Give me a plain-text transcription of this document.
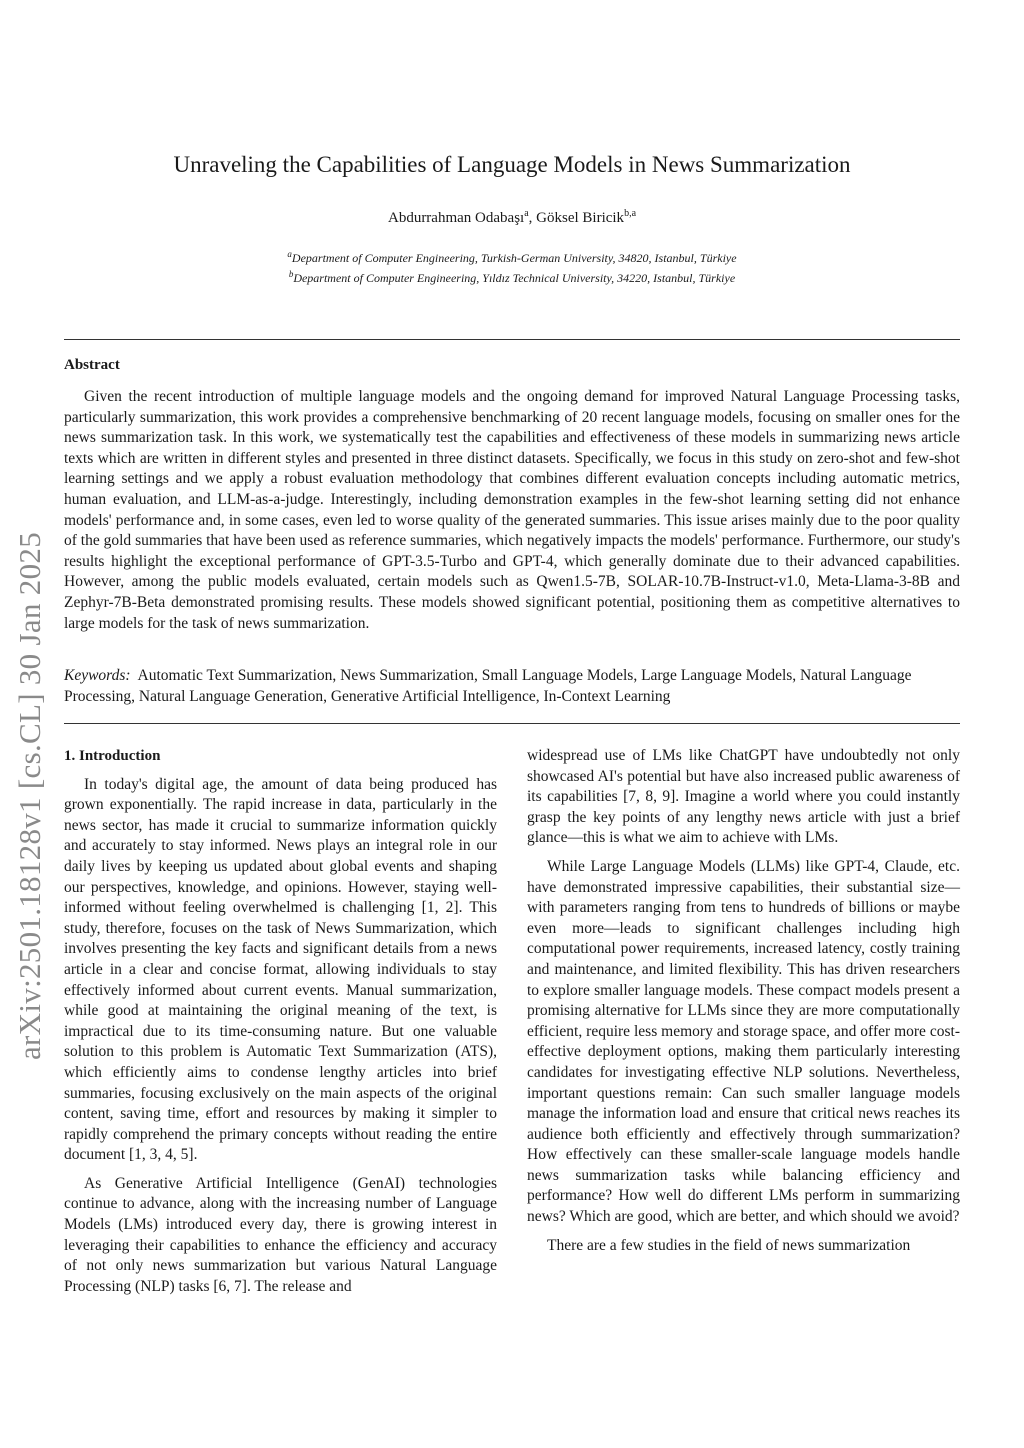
arXiv:2501.18128v1 [cs.CL] 30 Jan 2025
Unraveling the Capabilities of Language Models in News Summarization
Abdurrahman Odabaşı$^a$, Göksel Biricik$^{b,a}$
$^a$Department of Computer Engineering, Turkish-German University, 34820, Istanbul, Türkiye
$^b$Department of Computer Engineering, Yıldız Technical University, 34220, Istanbul, Türkiye
Abstract

Given the recent introduction of multiple language models and the ongoing demand for improved Natural Language Processing tasks, particularly summarization, this work provides a comprehensive benchmarking of 20 recent language models, focusing on smaller ones for the news summarization task. In this work, we systematically test the capabilities and effectiveness of these models in summarizing news article texts which are written in different styles and presented in three distinct datasets. Specifically, we focus in this study on zero-shot and few-shot learning settings and we apply a robust evaluation methodology that combines different evaluation concepts including automatic metrics, human evaluation, and LLM-as-a-judge. Interestingly, including demonstration examples in the few-shot learning setting did not enhance models' performance and, in some cases, even led to worse quality of the generated summaries. This issue arises mainly due to the poor quality of the gold summaries that have been used as reference summaries, which negatively impacts the models' performance. Furthermore, our study's results highlight the exceptional performance of GPT-3.5-Turbo and GPT-4, which generally dominate due to their advanced capabilities. However, among the public models evaluated, certain models such as Qwen1.5-7B, SOLAR-10.7B-Instruct-v1.0, Meta-Llama-3-8B and Zephyr-7B-Beta demonstrated promising results. These models showed significant potential, positioning them as competitive alternatives to large models for the task of news summarization.

Keywords: Automatic Text Summarization, News Summarization, Small Language Models, Large Language Models, Natural Language Processing, Natural Language Generation, Generative Artificial Intelligence, In-Context Learning

1. Introduction

In today's digital age, the amount of data being produced has grown exponentially. The rapid increase in data, particularly in the news sector, has made it crucial to summarize information quickly and accurately to stay informed. News plays an integral role in our daily lives by keeping us updated about global events and shaping our perspectives, knowledge, and opinions. However, staying well-informed without feeling overwhelmed is challenging [1, 2]. This study, therefore, focuses on the task of News Summarization, which involves presenting the key facts and significant details from a news article in a clear and concise format, allowing individuals to stay effectively informed about current events. Manual summarization, while good at maintaining the original meaning of the text, is impractical due to its time-consuming nature. But one valuable solution to this problem is Automatic Text Summarization (ATS), which efficiently aims to condense lengthy articles into brief summaries, focusing exclusively on the main aspects of the original content, saving time, effort and resources by making it simpler to rapidly comprehend the primary concepts without reading the entire document [1, 3, 4, 5].

As Generative Artificial Intelligence (GenAI) technologies continue to advance, along with the increasing number of Language Models (LMs) introduced every day, there is growing interest in leveraging their capabilities to enhance the efficiency and accuracy of not only news summarization but various Natural Language Processing (NLP) tasks [6, 7]. The release and

widespread use of LMs like ChatGPT have undoubtedly not only showcased AI's potential but have also increased public awareness of its capabilities [7, 8, 9]. Imagine a world where you could instantly grasp the key points of any lengthy news article with just a brief glance—this is what we aim to achieve with LMs.

While Large Language Models (LLMs) like GPT-4, Claude, etc. have demonstrated impressive capabilities, their substantial size—with parameters ranging from tens to hundreds of billions or maybe even more—leads to significant challenges including high computational power requirements, increased latency, costly training and maintenance, and limited flexibility. This has driven researchers to explore smaller language models. These compact models present a promising alternative for LLMs since they are more computationally efficient, require less memory and storage space, and offer more cost-effective deployment options, making them particularly interesting candidates for investigating effective NLP solutions. Nevertheless, important questions remain: Can such smaller language models manage the information load and ensure that critical news reaches its audience both efficiently and effectively through summarization? How effectively can these smaller-scale language models handle news summarization tasks while balancing efficiency and performance? How well do different LMs perform in summarizing news? Which are good, which are better, and which should we avoid?

There are a few studies in the field of news summarization
